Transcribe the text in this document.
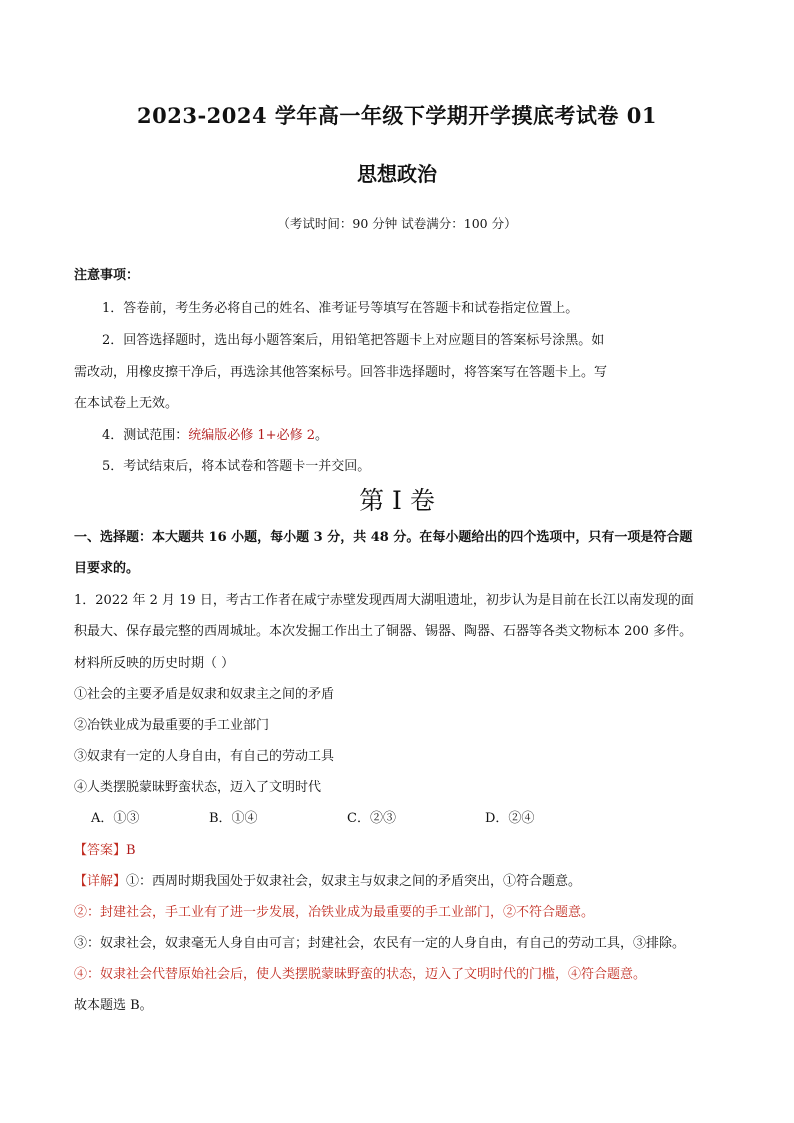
2023-2024 学年高一年级下学期开学摸底考试卷 01
思想政治
（考试时间：90 分钟 试卷满分：100 分）
注意事项：
1．答卷前，考生务必将自己的姓名、准考证号等填写在答题卡和试卷指定位置上。
2．回答选择题时，选出每小题答案后，用铅笔把答题卡上对应题目的答案标号涂黑。如
需改动，用橡皮擦干净后，再选涂其他答案标号。回答非选择题时，将答案写在答题卡上。写
在本试卷上无效。
4．测试范围：统编版必修 1+必修 2。
5．考试结束后，将本试卷和答题卡一并交回。
第 I 卷
一、选择题：本大题共 16 小题，每小题 3 分，共 48 分。在每小题给出的四个选项中，只有一项是符合题
目要求的。
1．2022 年 2 月 19 日，考古工作者在咸宁赤壁发现西周大湖咀遗址，初步认为是目前在长江以南发现的面
积最大、保存最完整的西周城址。本次发掘工作出土了铜器、锡器、陶器、石器等各类文物标本 200 多件。
材料所反映的历史时期（ ）
①社会的主要矛盾是奴隶和奴隶主之间的矛盾
②冶铁业成为最重要的手工业部门
③奴隶有一定的人身自由，有自己的劳动工具
④人类摆脱蒙昧野蛮状态，迈入了文明时代
A．①③	B．①④	C．②③	D．②④
【答案】B
【详解】①：西周时期我国处于奴隶社会，奴隶主与奴隶之间的矛盾突出，①符合题意。
②：封建社会，手工业有了进一步发展，冶铁业成为最重要的手工业部门，②不符合题意。
③：奴隶社会，奴隶毫无人身自由可言；封建社会，农民有一定的人身自由，有自己的劳动工具，③排除。
④：奴隶社会代替原始社会后，使人类摆脱蒙昧野蛮的状态，迈入了文明时代的门槛，④符合题意。
故本题选 B。
